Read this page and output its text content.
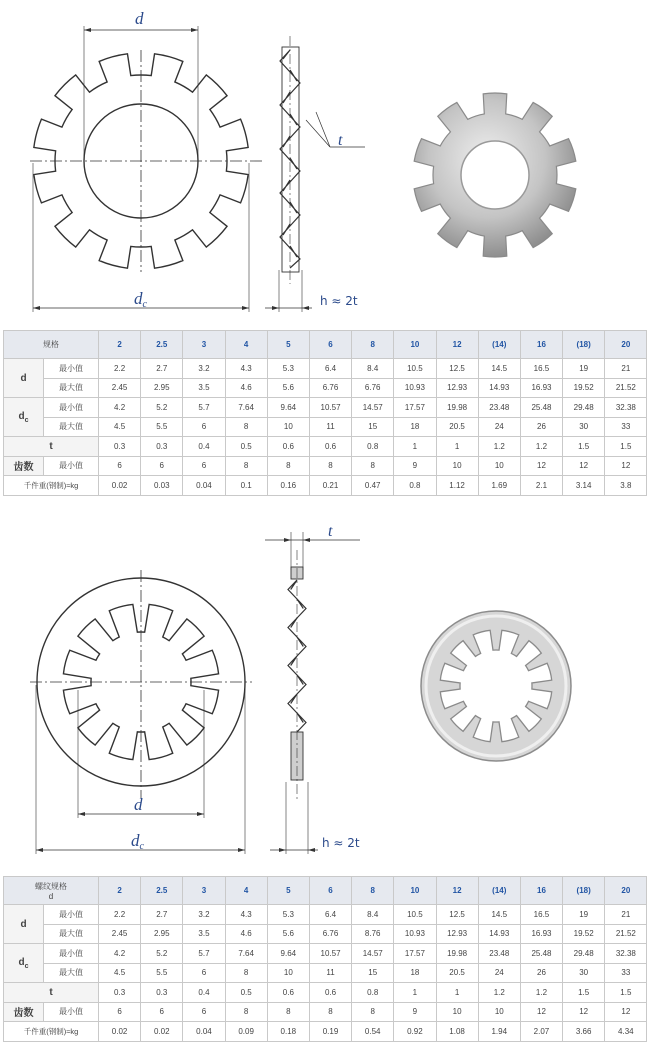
d
dc	h ≈ 2t
t
规格		2	2.5	3	4	5	6	8	10	12	(14)	16	(18)	20
d	最小值	2.2	2.7	3.2	4.3	5.3	6.4	8.4	10.5	12.5	14.5	16.5	19	21
	最大值	2.45	2.95	3.5	4.6	5.6	6.76	6.76	10.93	12.93	14.93	16.93	19.52	21.52
$d_c$	最小值	4.2	5.2	5.7	7.64	9.64	10.57	14.57	17.57	19.98	23.48	25.48	29.48	32.38
	最大值	4.5	5.5	6	8	10	11	15	18	20.5	24	26	30	33
t		0.3	0.3	0.4	0.5	0.6	0.6	0.8	1	1	1.2	1.2	1.5	1.5
齿数	最小值	6	6	6	8	8	8	8	9	10	10	12	12	12
千件重(钢制)≈kg		0.02	0.03	0.04	0.1	0.16	0.21	0.47	0.8	1.12	1.69	2.1	3.14	3.8
d
dc
t
h ≈ 2t
螺纹规格
d		2	2.5	3	4	5	6	8	10	12	(14)	16	(18)	20
d	最小值	2.2	2.7	3.2	4.3	5.3	6.4	8.4	10.5	12.5	14.5	16.5	19	21
	最大值	2.45	2.95	3.5	4.6	5.6	6.76	8.76	10.93	12.93	14.93	16.93	19.52	21.52
$d_c$	最小值	4.2	5.2	5.7	7.64	9.64	10.57	14.57	17.57	19.98	23.48	25.48	29.48	32.38
	最大值	4.5	5.5	6	8	10	11	15	18	20.5	24	26	30	33
t		0.3	0.3	0.4	0.5	0.6	0.6	0.8	1	1	1.2	1.2	1.5	1.5
齿数	最小值	6	6	6	8	8	8	8	9	10	10	12	12	12
千件重(钢制)≈kg		0.02	0.02	0.04	0.09	0.18	0.19	0.54	0.92	1.08	1.94	2.07	3.66	4.34
